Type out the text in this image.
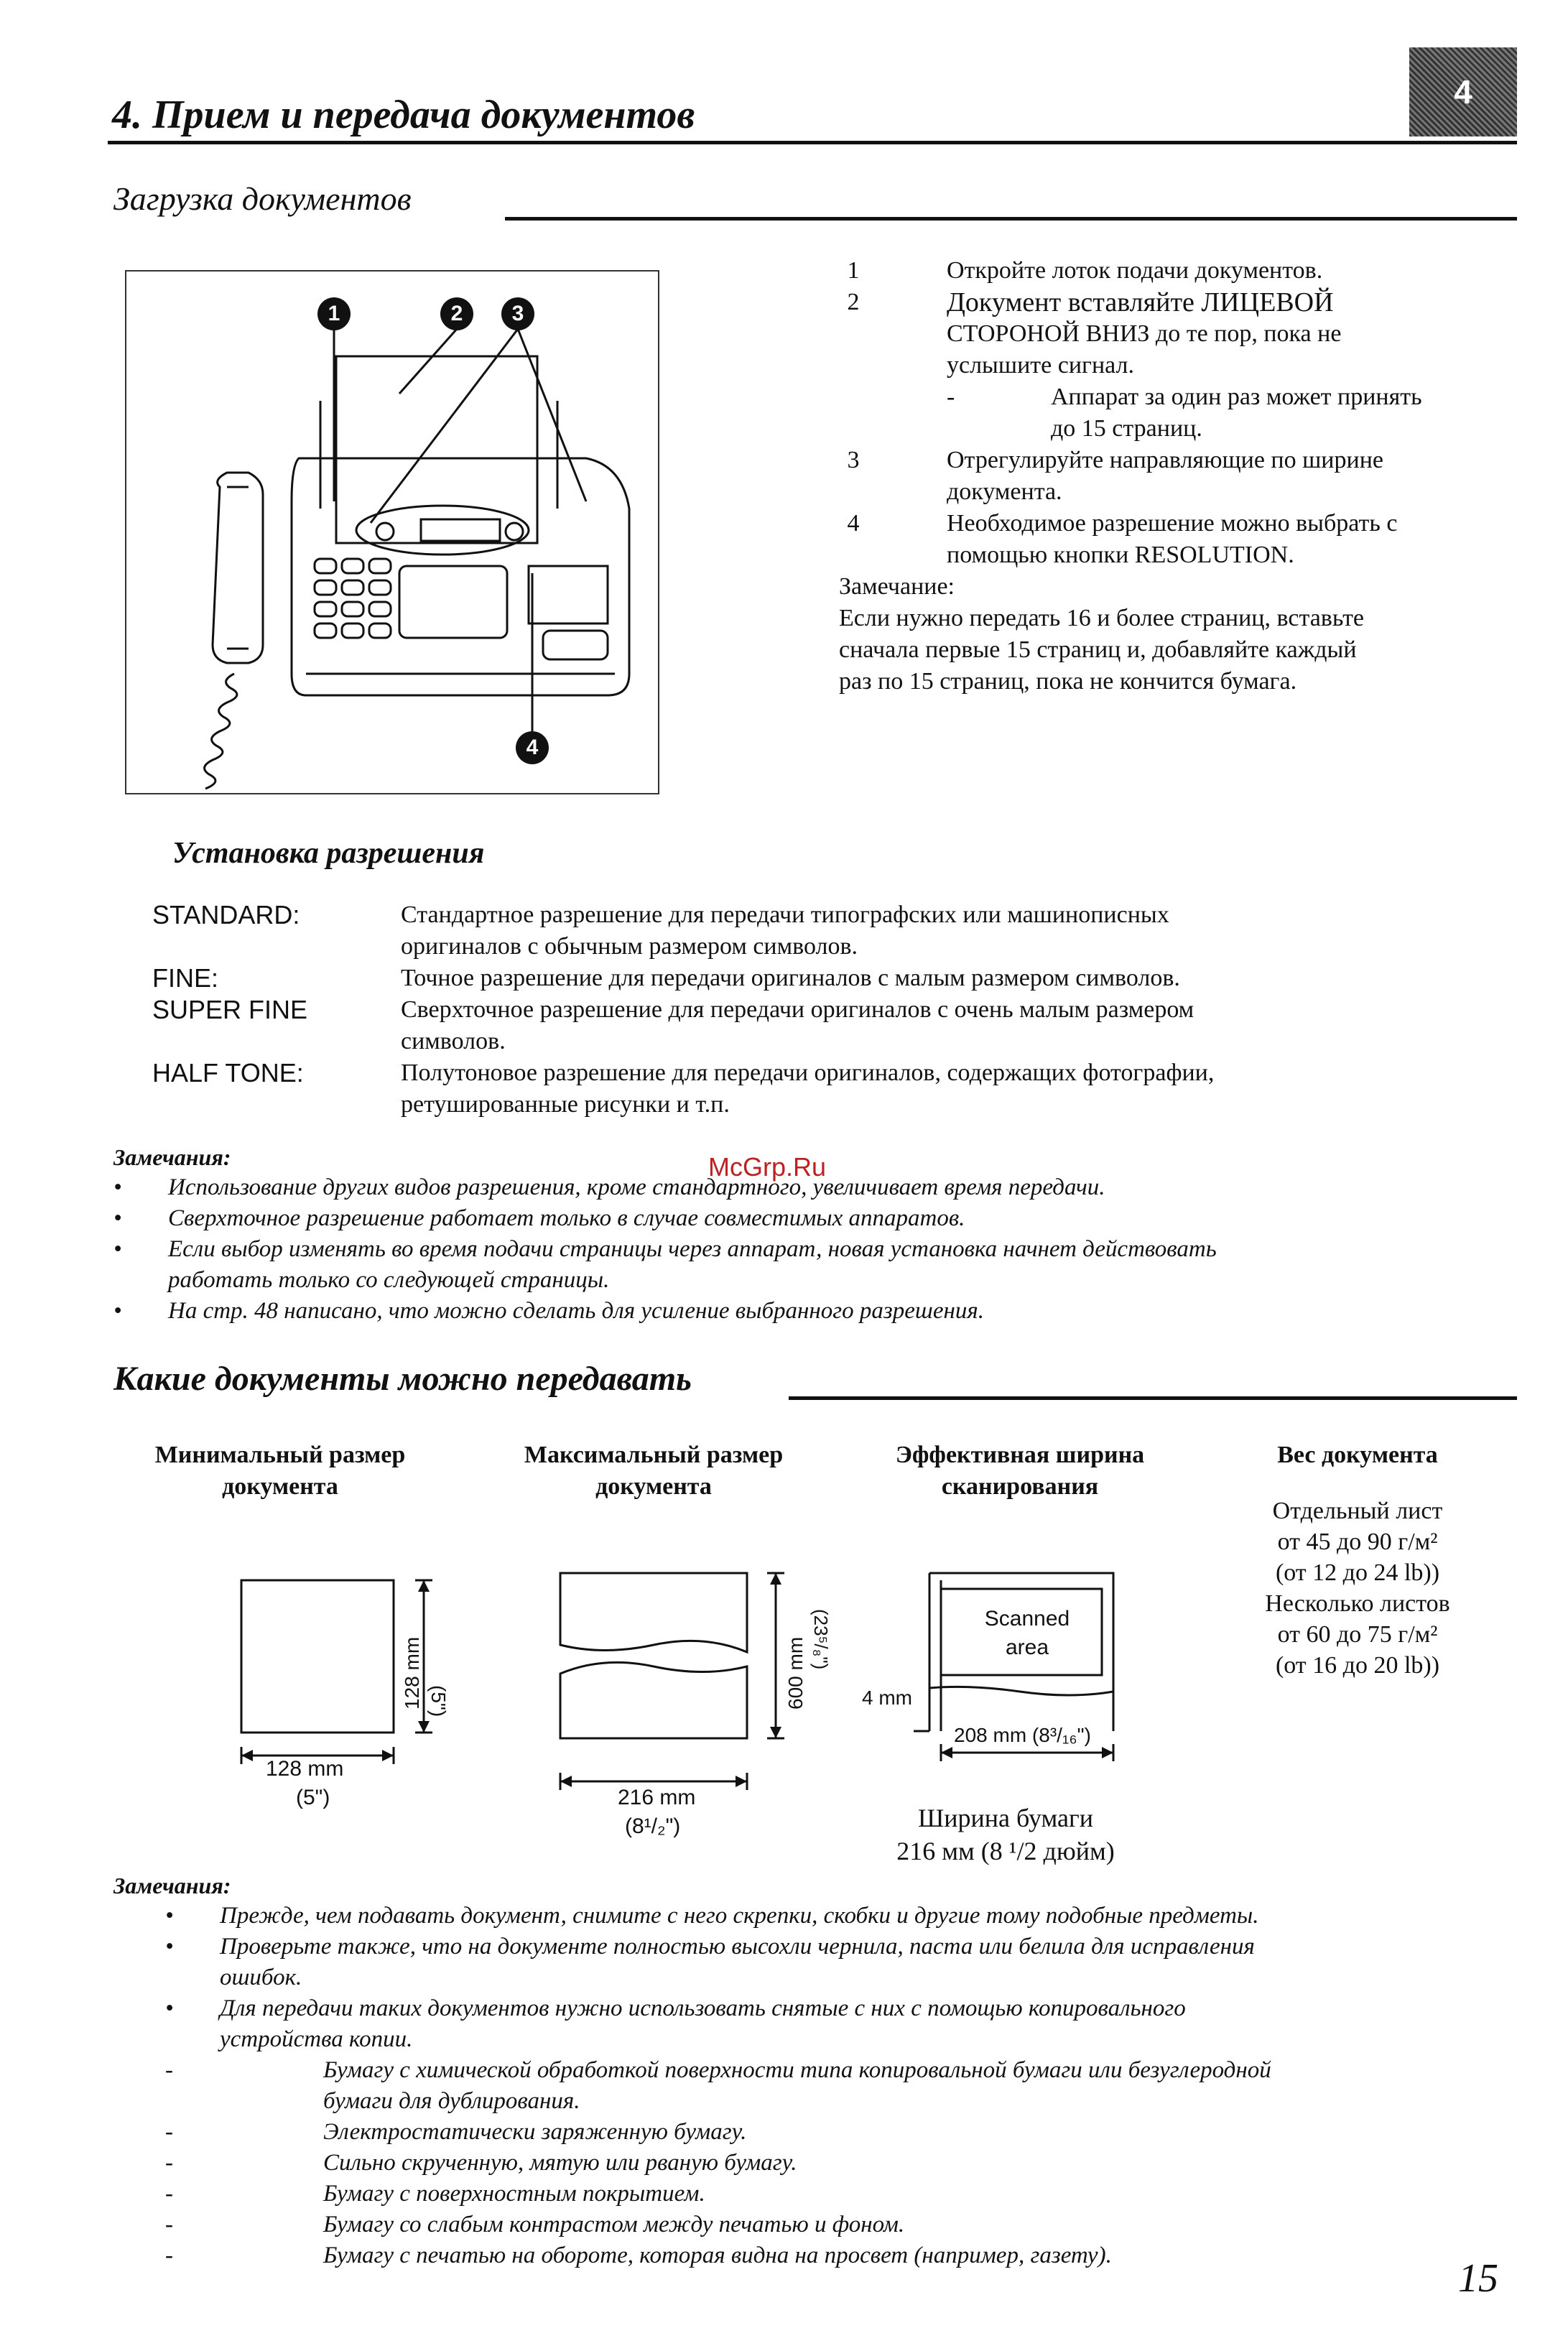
4. Прием и передача документов
4
Загрузка документов
1	2	3
4
1	Откройте лоток подачи документов.
2	Документ вставляйте ЛИЦЕВОЙ
СТОРОНОЙ ВНИЗ до те пор, пока не
услышите сигнал.
-	Аппарат за один раз может принять
до 15 страниц.
3	Отрегулируйте направляющие по ширине
документа.
4	Необходимое разрешение можно выбрать с
помощью кнопки RESOLUTION.
Замечание:
Если нужно передать 16 и более страниц, вставьте
сначала первые 15 страниц и, добавляйте каждый
раз по 15 страниц, пока не кончится бумага.
Установка разрешения
STANDARD:	Стандартное разрешение для передачи типографских или машинописных
оригиналов с обычным размером символов.
FINE:	Точное разрешение для передачи оригиналов с малым размером символов.
SUPER FINE	Сверхточное разрешение для передачи оригиналов с очень малым размером
символов.
HALF TONE:	Полутоновое разрешение для передачи оригиналов, содержащих фотографии,
ретушированные рисунки и т.п.
Замечания:	McGrp.Ru
• Использование других видов разрешения, кроме стандартного, увеличивает время передачи.
• Сверхточное разрешение работает только в случае совместимых аппаратов.
• Если выбор изменять во время подачи страницы через аппарат, новая установка начнет действовать
работать только со следующей страницы.
• На стр. 48 написано, что можно сделать для усиление выбранного разрешения.
Какие документы можно передавать
Минимальный размер
документа
Максимальный размер
документа
Эффективная ширина
сканирования
Вес документа
128 mm (5")
128 mm
(5")
600 mm (23⁵/₈")
216 mm
(8¹/₂")
Scanned
area
4 mm
208 mm (8³/₁₆")
Ширина бумаги
216 мм (8 ¹/2 дюйм)
Отдельный лист
от 45 до 90 г/м²
(от 12 до 24 lb))
Несколько листов
от 60 до 75 г/м²
(от 16 до 20 lb))
Замечания:
• Прежде, чем подавать документ, снимите с него скрепки, скобки и другие тому подобные предметы.
• Проверьте также, что на документе полностью высохли чернила, паста или белила для исправления
ошибок.
• Для передачи таких документов нужно использовать снятые с них с помощью копировального
устройства копии.
-	Бумагу с химической обработкой поверхности типа копировальной бумаги или безуглеродной
бумаги для дублирования.
-	Электростатически заряженную бумагу.
-	Сильно скрученную, мятую или рваную бумагу.
-	Бумагу с поверхностным покрытием.
-	Бумагу со слабым контрастом между печатью и фоном.
-	Бумагу с печатью на обороте, которая видна на просвет (например, газету).
15
